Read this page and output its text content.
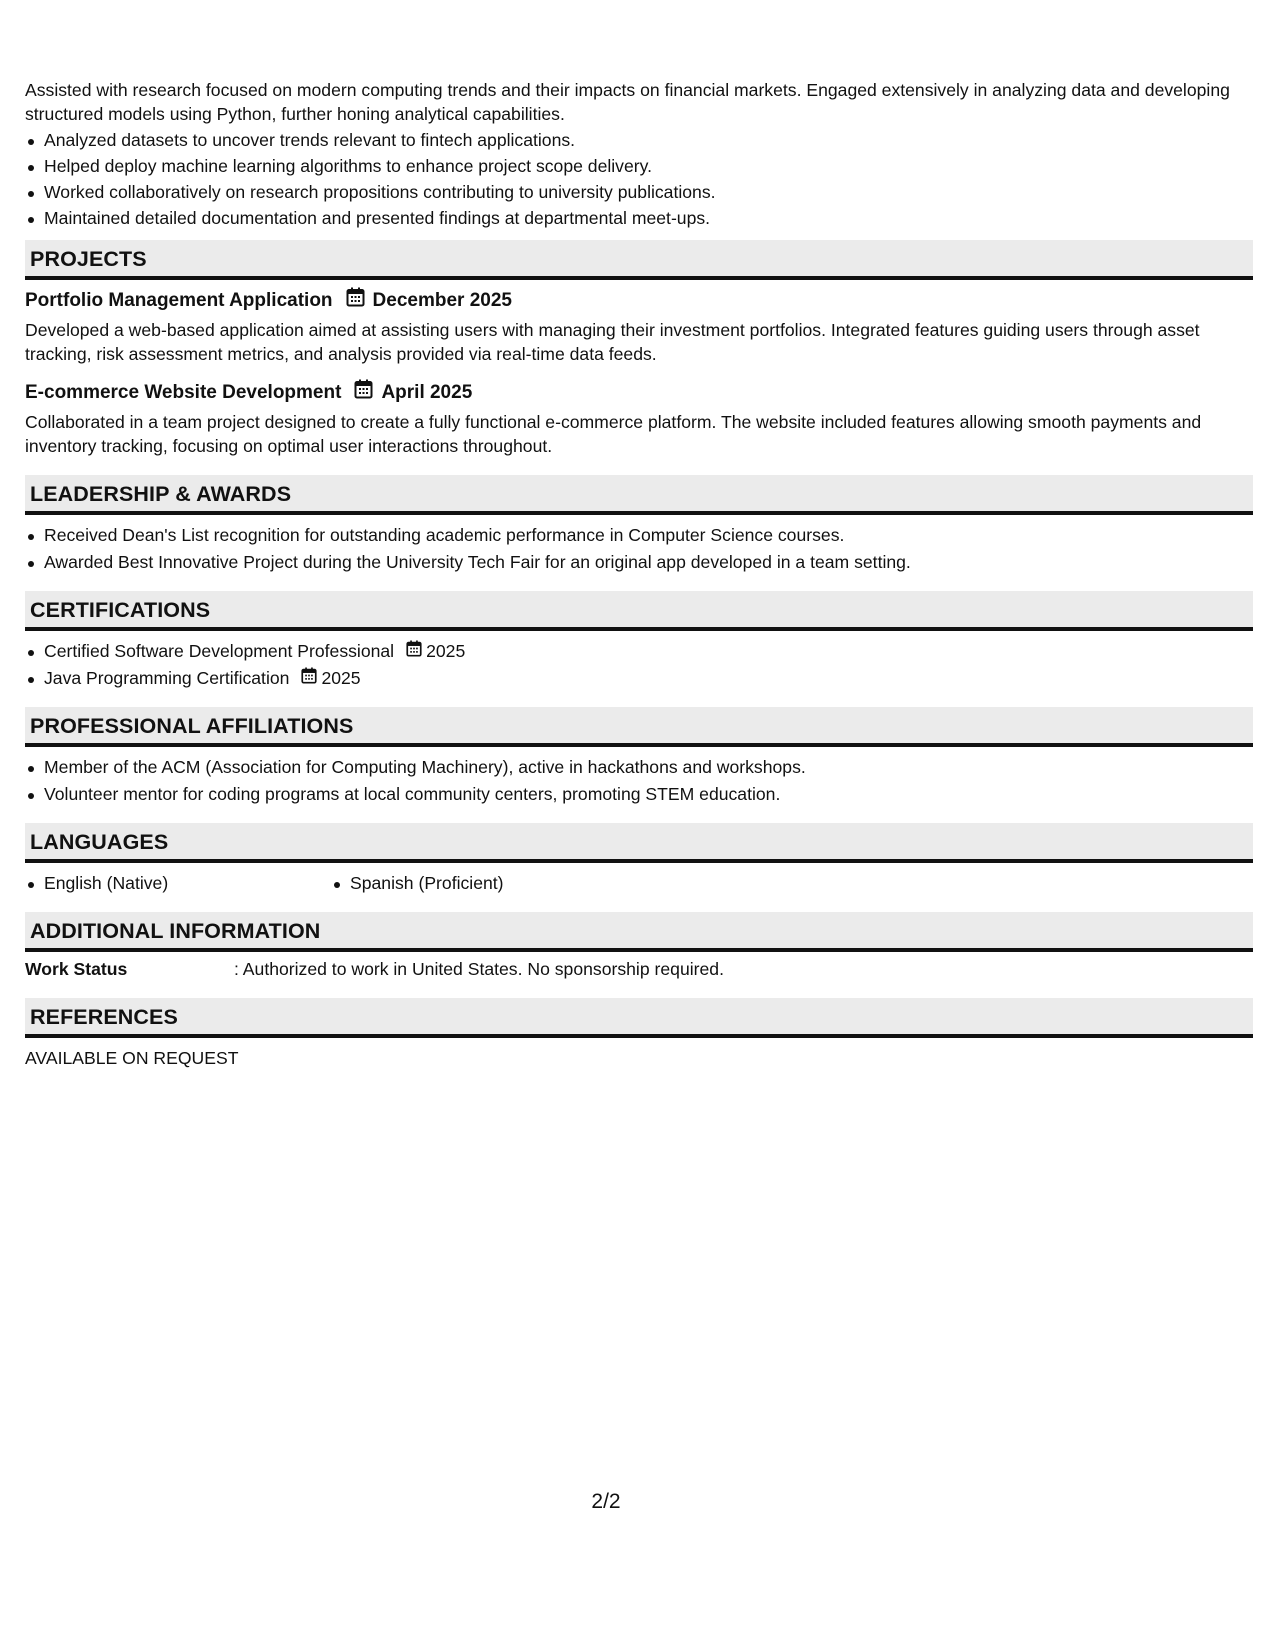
Assisted with research focused on modern computing trends and their impacts on financial markets. Engaged extensively in analyzing data and developing structured models using Python, further honing analytical capabilities.

Analyzed datasets to uncover trends relevant to fintech applications.
Helped deploy machine learning algorithms to enhance project scope delivery.
Worked collaboratively on research propositions contributing to university publications.
Maintained detailed documentation and presented findings at departmental meet-ups.
PROJECTS
Portfolio Management Application December 2025

Developed a web-based application aimed at assisting users with managing their investment portfolios. Integrated features guiding users through asset tracking, risk assessment metrics, and analysis provided via real-time data feeds.

E-commerce Website Development April 2025

Collaborated in a team project designed to create a fully functional e-commerce platform. The website included features allowing smooth payments and inventory tracking, focusing on optimal user interactions throughout.

LEADERSHIP & AWARDS
Received Dean's List recognition for outstanding academic performance in Computer Science courses.
Awarded Best Innovative Project during the University Tech Fair for an original app developed in a team setting.
CERTIFICATIONS
Certified Software Development Professional 2025
Java Programming Certification 2025
PROFESSIONAL AFFILIATIONS
Member of the ACM (Association for Computing Machinery), active in hackathons and workshops.
Volunteer mentor for coding programs at local community centers, promoting STEM education.
LANGUAGES
English (Native)	Spanish (Proficient)
ADDITIONAL INFORMATION
Work Status	: Authorized to work in United States. No sponsorship required.
REFERENCES

AVAILABLE ON REQUEST

2/2
